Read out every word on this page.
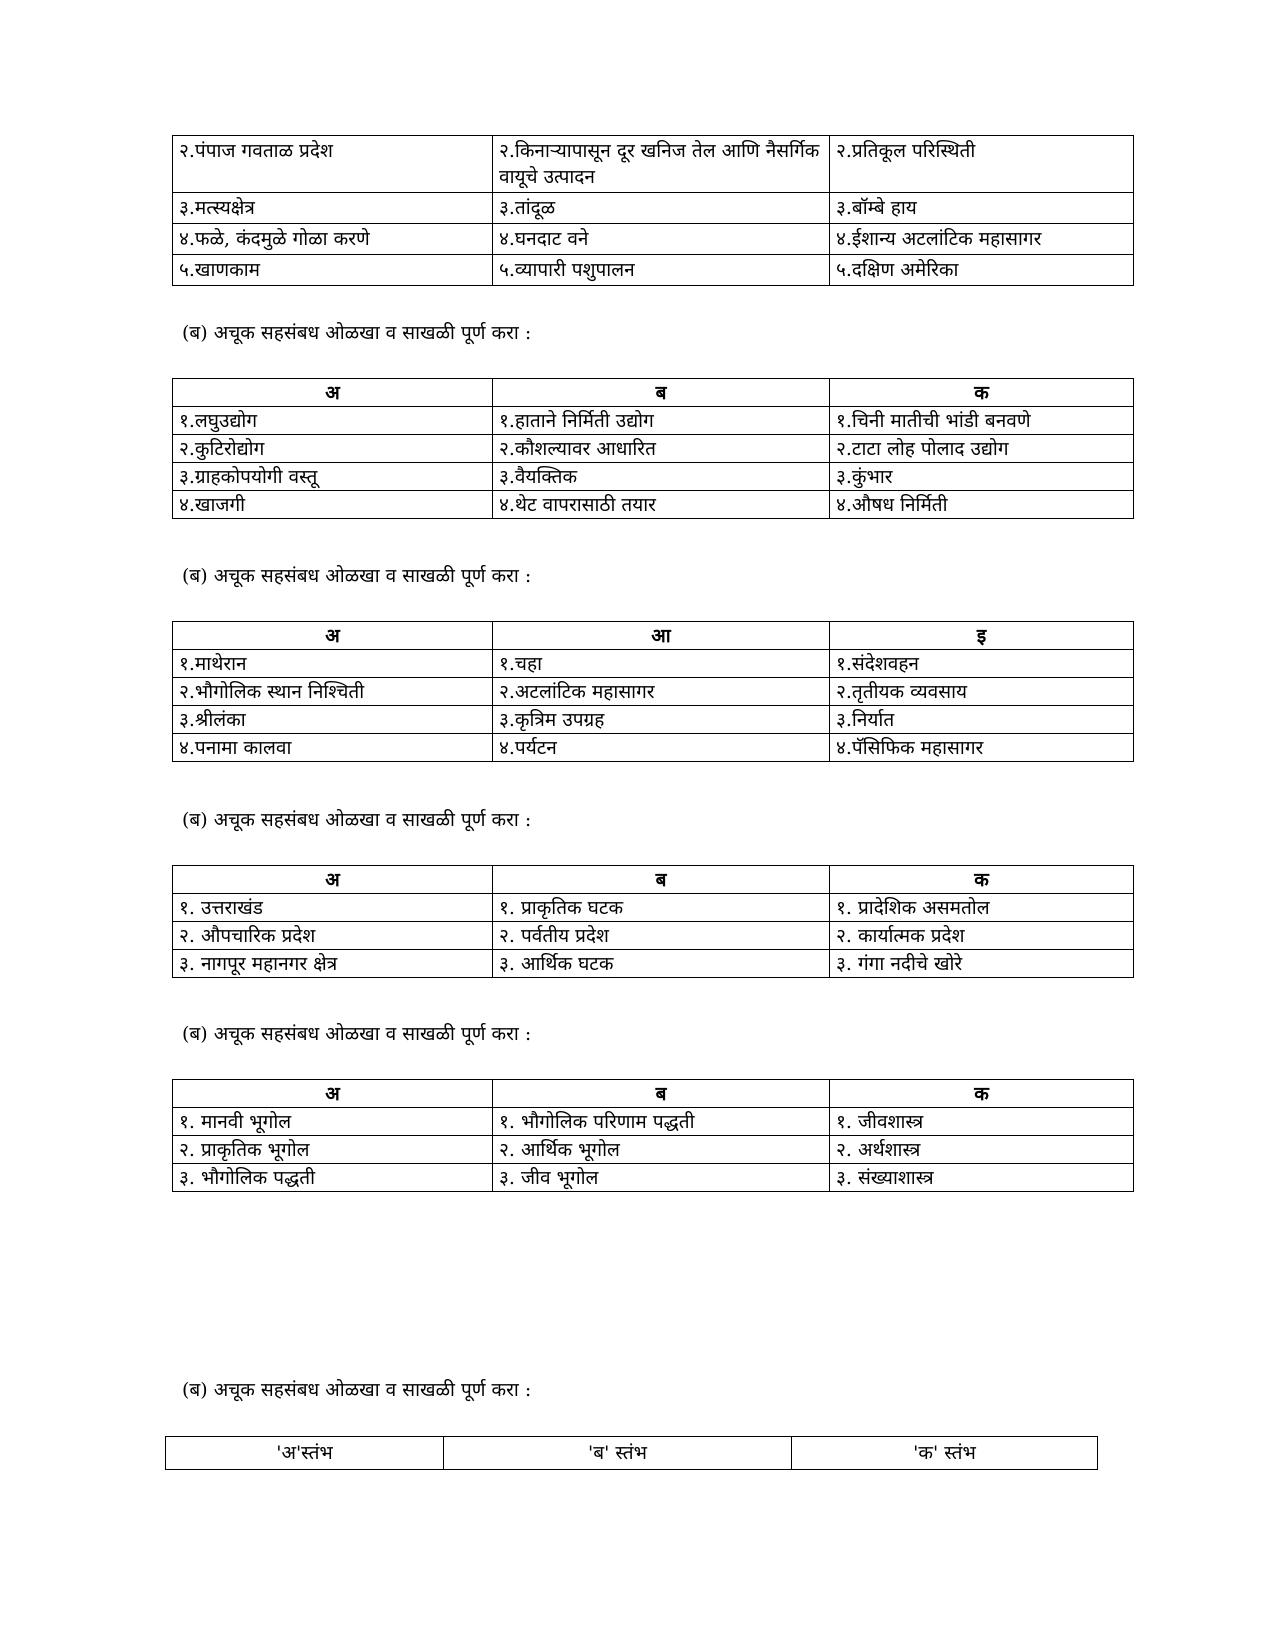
२.पंपाज गवताळ प्रदेश	२.किनाऱ्यापासून दूर खनिज तेल आणि नैसर्गिक वायूचे उत्पादन	२.प्रतिकूल परिस्थिती
३.मत्स्यक्षेत्र	३.तांदूळ	३.बॉम्बे हाय
४.फळे, कंदमुळे गोळा करणे	४.घनदाट वने	४.ईशान्य अटलांटिक महासागर
५.खाणकाम	५.व्यापारी पशुपालन	५.दक्षिण अमेरिका
(ब) अचूक सहसंबध ओळखा व साखळी पूर्ण करा :
अ	ब	क
१.लघुउद्योग	१.हाताने निर्मिती उद्योग	१.चिनी मातीची भांडी बनवणे
२.कुटिरोद्योग	२.कौशल्यावर आधारित	२.टाटा लोह पोलाद उद्योग
३.ग्राहकोपयोगी वस्तू	३.वैयक्तिक	३.कुंभार
४.खाजगी	४.थेट वापरासाठी तयार	४.औषध निर्मिती
(ब) अचूक सहसंबध ओळखा व साखळी पूर्ण करा :
अ	आ	इ
१.माथेरान	१.चहा	१.संदेशवहन
२.भौगोलिक स्थान निश्चिती	२.अटलांटिक महासागर	२.तृतीयक व्यवसाय
३.श्रीलंका	३.कृत्रिम उपग्रह	३.निर्यात
४.पनामा कालवा	४.पर्यटन	४.पॅसिफिक महासागर
(ब) अचूक सहसंबध ओळखा व साखळी पूर्ण करा :
अ	ब	क
१. उत्तराखंड	१. प्राकृतिक घटक	१. प्रादेशिक असमतोल
२. औपचारिक प्रदेश	२. पर्वतीय प्रदेश	२. कार्यात्मक प्रदेश
३. नागपूर महानगर क्षेत्र	३. आर्थिक घटक	३. गंगा नदीचे खोरे
(ब) अचूक सहसंबध ओळखा व साखळी पूर्ण करा :
अ	ब	क
१. मानवी भूगोल	१. भौगोलिक परिणाम पद्धती	१. जीवशास्त्र
२. प्राकृतिक भूगोल	२. आर्थिक भूगोल	२. अर्थशास्त्र
३. भौगोलिक पद्धती	३. जीव भूगोल	३. संख्याशास्त्र
(ब) अचूक सहसंबध ओळखा व साखळी पूर्ण करा :
'अ'स्तंभ	'ब' स्तंभ	'क' स्तंभ
